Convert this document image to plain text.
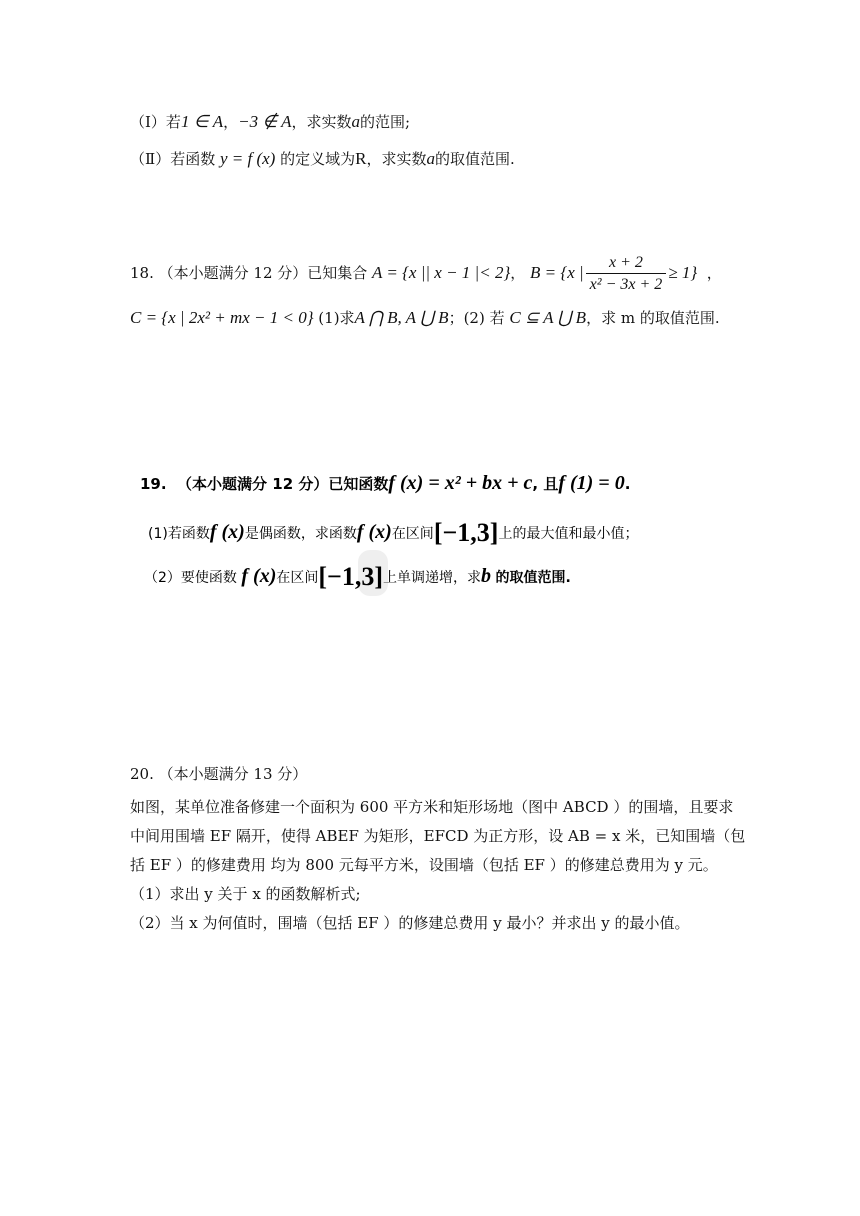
（Ⅰ）若1 ∈ A，−3 ∉ A，求实数a的范围;
（Ⅱ）若函数 y = f (x) 的定义域为R，求实数a的取值范围.
18. （本小题满分 12 分）已知集合 A = {x || x − 1 |< 2}， B = {x | $\frac{x + 2}{\text{x² − 3x + 2}} \ge 1$} ，
C = {x | 2x² + mx − 1 < 0} (1)求A ⋂ B, A ⋃ B；(2) 若 C ⊆ A ⋃ B，求 m 的取值范围.
19. （本小题满分 12 分）已知函数f (x) = x² + bx + c, 且f (1) = 0.
(1)若函数f (x)是偶函数，求函数f (x)在区间[−1,3]上的最大值和最小值；
（2）要使函数 f (x)在区间[−1,3]上单调递增，求b 的取值范围.
20. （本小题满分 13 分）
如图，某单位准备修建一个面积为 600 平方米和矩形场地（图中 ABCD ）的围墙，且要求
中间用围墙 EF 隔开，使得 ABEF 为矩形，EFCD 为正方形，设 AB = x 米，已知围墙（包
括 EF ）的修建费用 均为 800 元每平方米，设围墙（包括 EF ）的修建总费用为 y 元。
（1）求出 y 关于 x 的函数解析式;
（2）当 x 为何值时，围墙（包括 EF ）的修建总费用 y 最小？并求出 y 的最小值。
